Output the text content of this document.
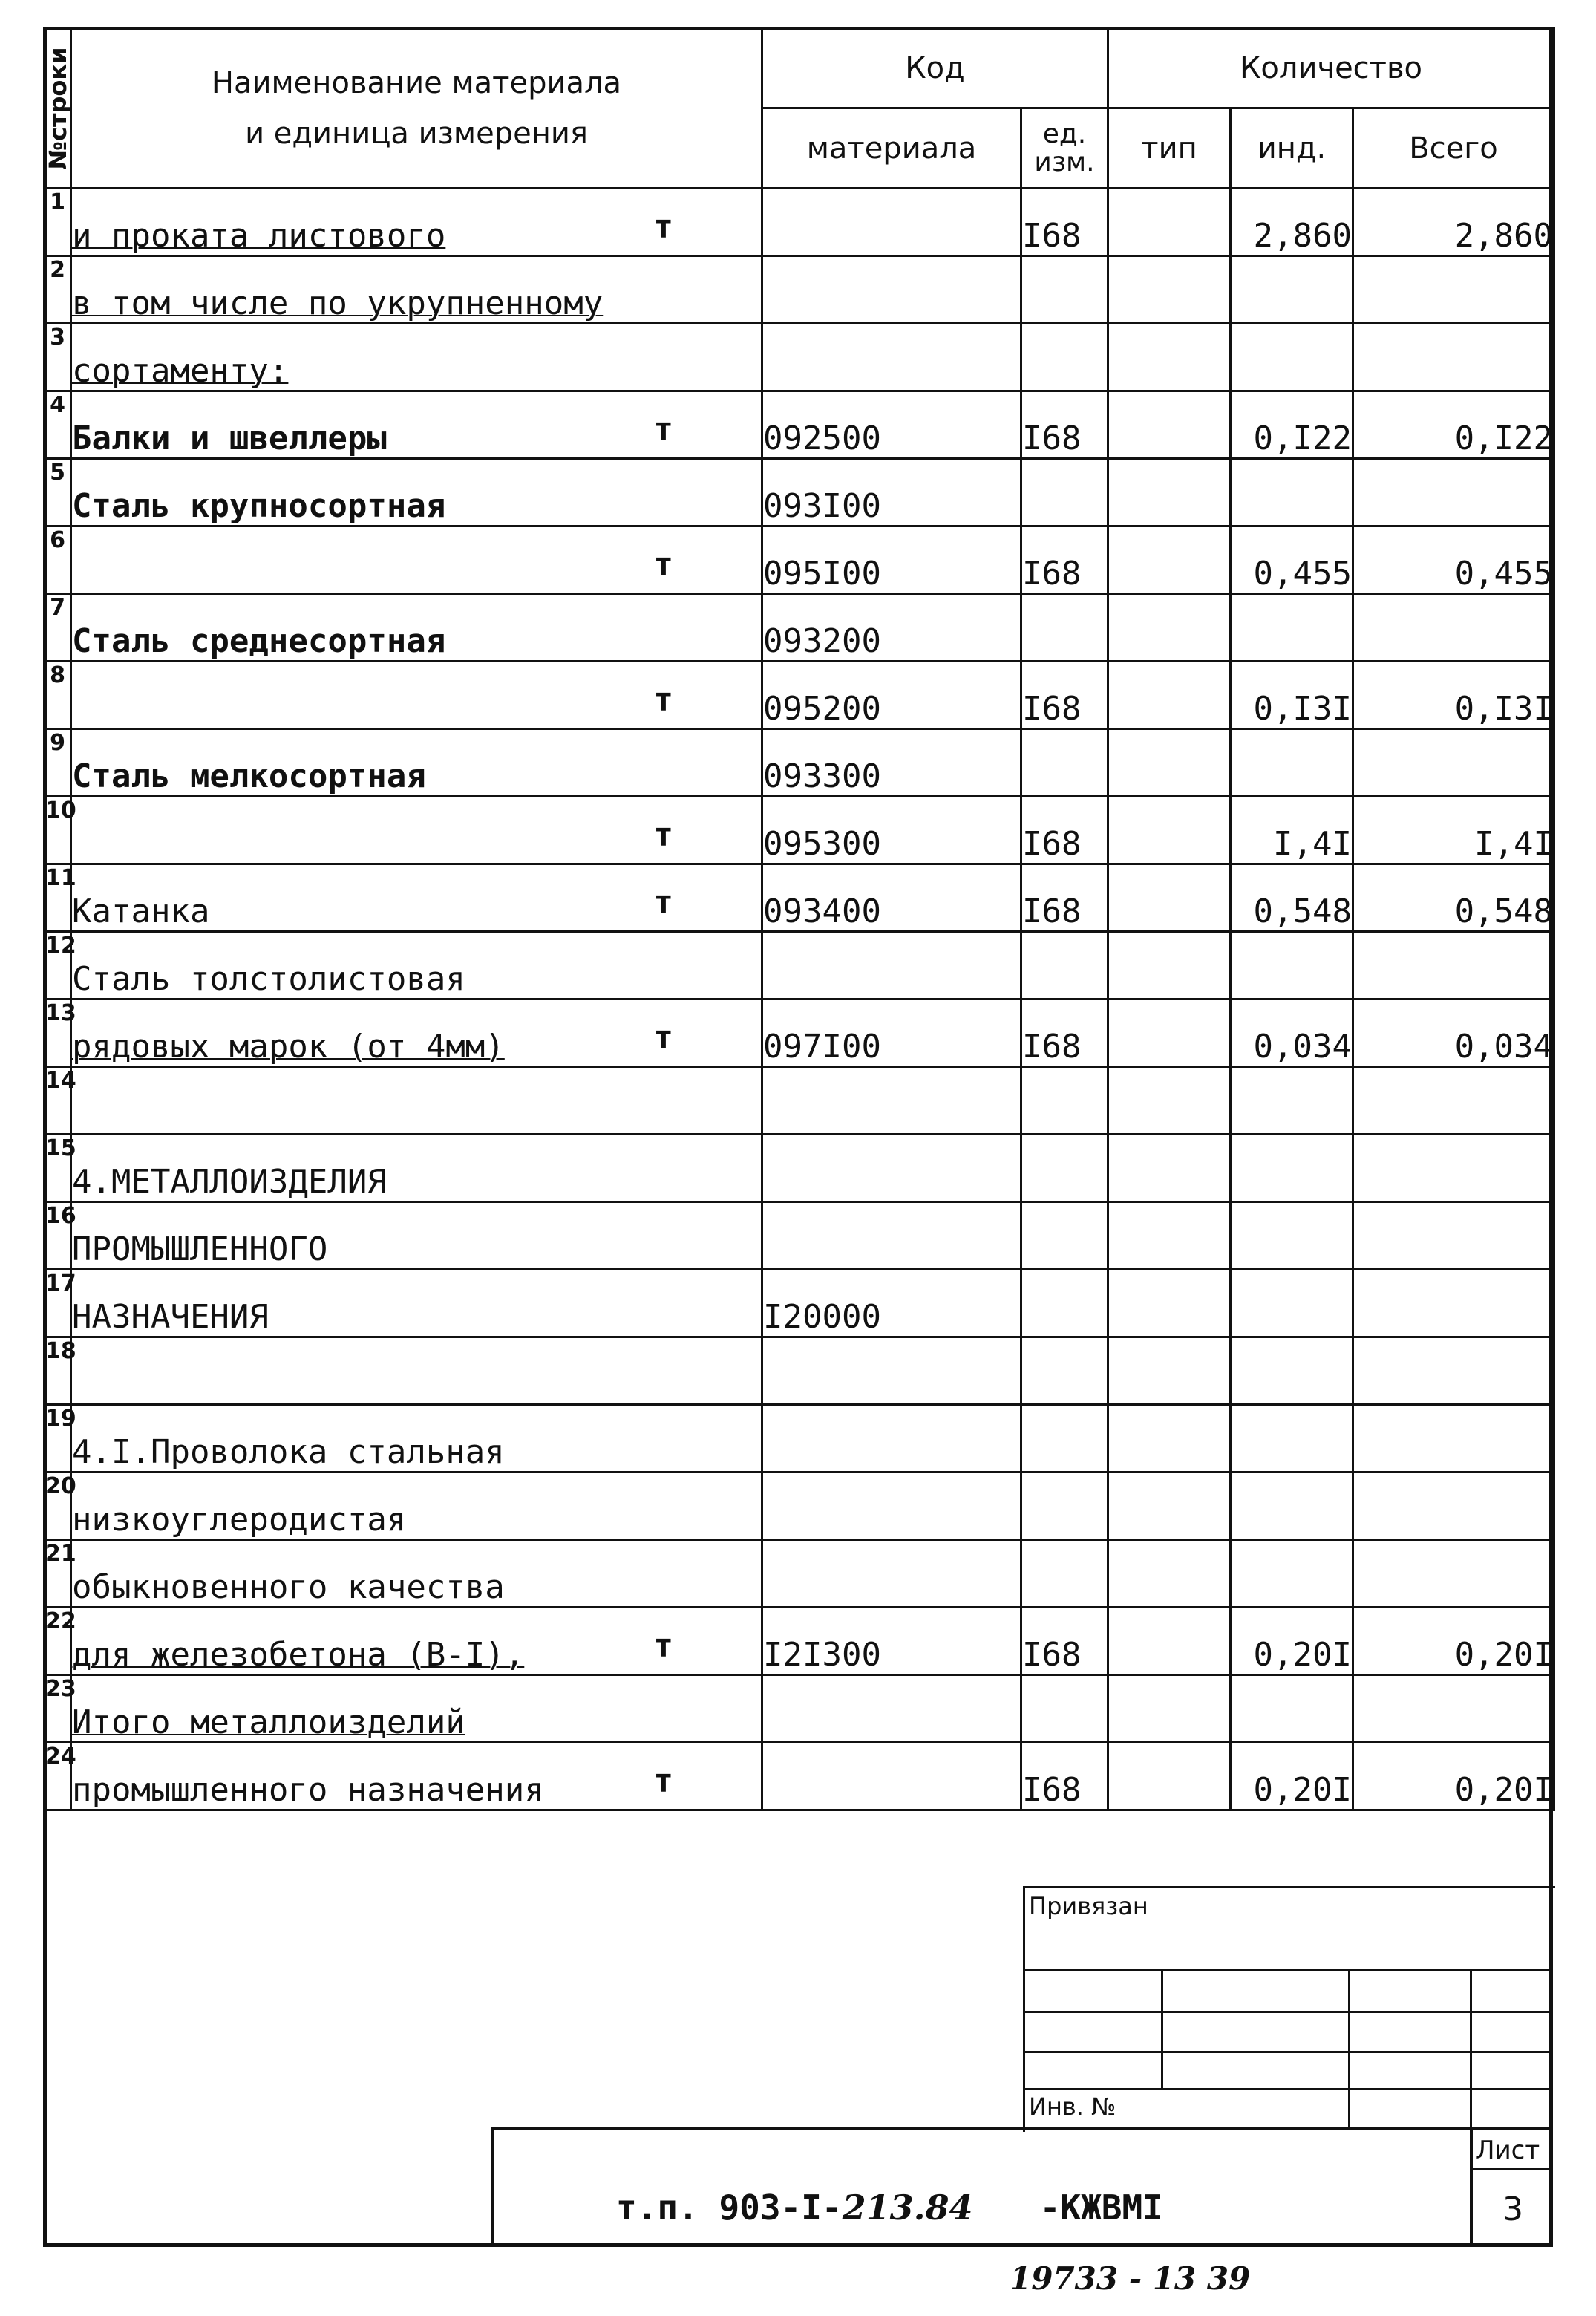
№строки	Наименование материала
и единица измерения	Код		Количество		
		материала	ед. изм.	тип	инд.	Всего
1	и проката листового т		I68		2,860	2,860
2	в том числе по укрупненному

3	сортаменту:

4	Балки и швеллеры т	092500	I68		0,I22	0,I22
5	Сталь крупносортная	093I00				
6	т	095I00	I68		0,455	0,455
7	Сталь среднесортная	093200				
8	т	095200	I68		0,I3I	0,I3I
9	Сталь мелкосортная	093300				
10	т	095300	I68		I,4I	I,4I
11	Катанка т	093400	I68		0,548	0,548
12	Сталь толстолистовая

13	рядовых марок (от 4мм) т	097I00	I68		0,034	0,034
14	

15	4.МЕТАЛЛОИЗДЕЛИЯ

16	ПРОМЫШЛЕННОГО

17	НАЗНАЧЕНИЯ	I20000				
18	

19	4.I.Проволока стальная

20	низкоуглеродистая

21	обыкновенного качества

22	для железобетона (В-I), т	I2I300	I68		0,20I	0,20I
23	Итого металлоизделий

24	промышленного назначения т		I68		0,20I	0,20I
Привязан
Инв. №
Лист
3
т.п. 903-I-213.84 -КЖВМI
19733 - 13 39
